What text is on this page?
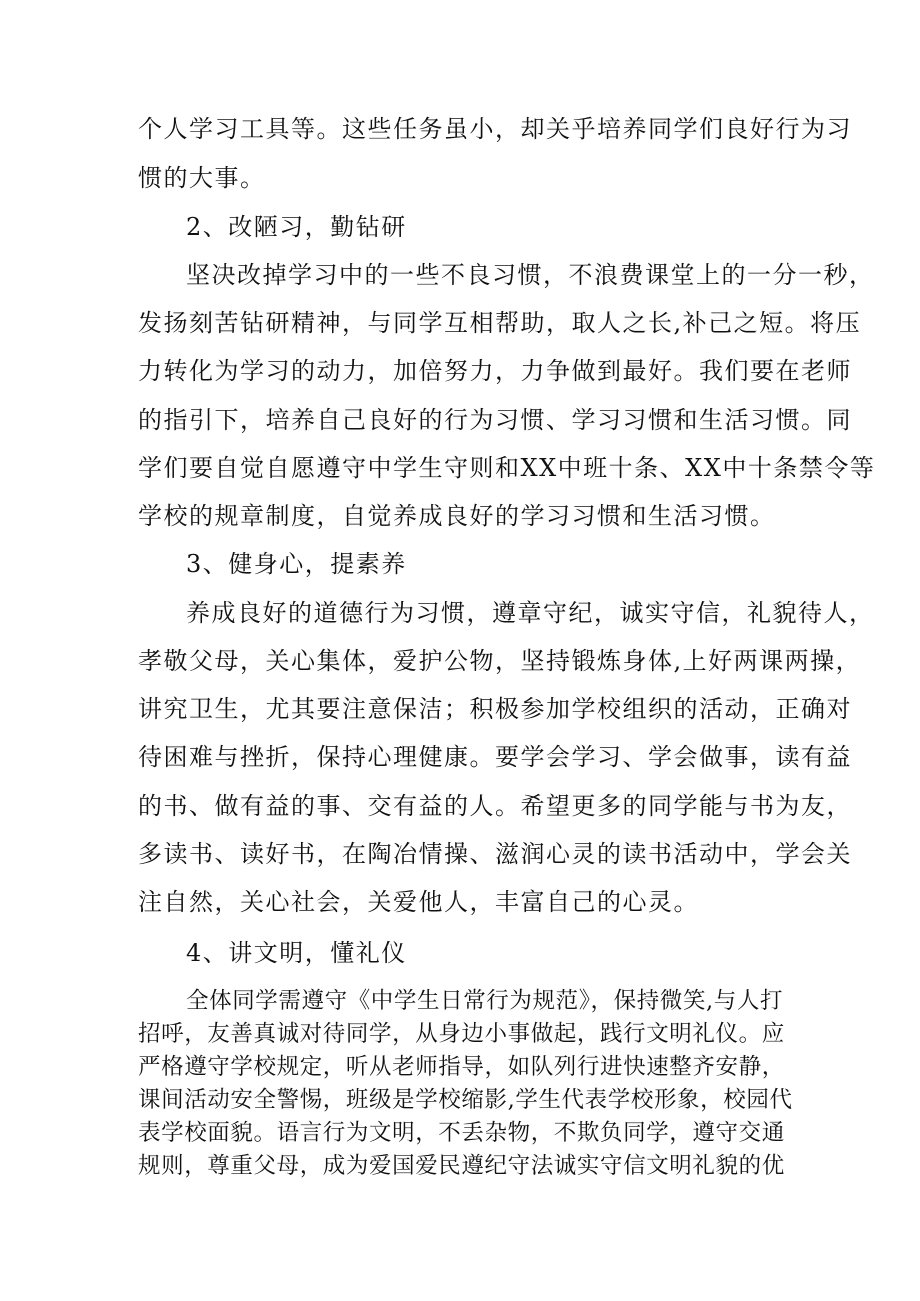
个人学习工具等。这些任务虽小，却关乎培养同学们良好行为习

惯的大事。

2、改陋习，勤钻研

坚决改掉学习中的一些不良习惯，不浪费课堂上的一分一秒，

发扬刻苦钻研精神，与同学互相帮助，取人之长,补己之短。将压

力转化为学习的动力，加倍努力，力争做到最好。我们要在老师

的指引下，培养自己良好的行为习惯、学习习惯和生活习惯。同

学们要自觉自愿遵守中学生守则和XX中班十条、XX中十条禁令等

学校的规章制度，自觉养成良好的学习习惯和生活习惯。

3、健身心，提素养

养成良好的道德行为习惯，遵章守纪，诚实守信，礼貌待人，

孝敬父母，关心集体，爱护公物，坚持锻炼身体,上好两课两操，

讲究卫生，尤其要注意保洁；积极参加学校组织的活动，正确对

待困难与挫折，保持心理健康。要学会学习、学会做事，读有益

的书、做有益的事、交有益的人。希望更多的同学能与书为友，

多读书、读好书，在陶冶情操、滋润心灵的读书活动中，学会关

注自然，关心社会，关爱他人，丰富自己的心灵。

4、讲文明，懂礼仪

全体同学需遵守《中学生日常行为规范》，保持微笑,与人打

招呼，友善真诚对待同学，从身边小事做起，践行文明礼仪。应

严格遵守学校规定，听从老师指导，如队列行进快速整齐安静，

课间活动安全警惕，班级是学校缩影,学生代表学校形象，校园代

表学校面貌。语言行为文明，不丢杂物，不欺负同学，遵守交通

规则，尊重父母，成为爱国爱民遵纪守法诚实守信文明礼貌的优
